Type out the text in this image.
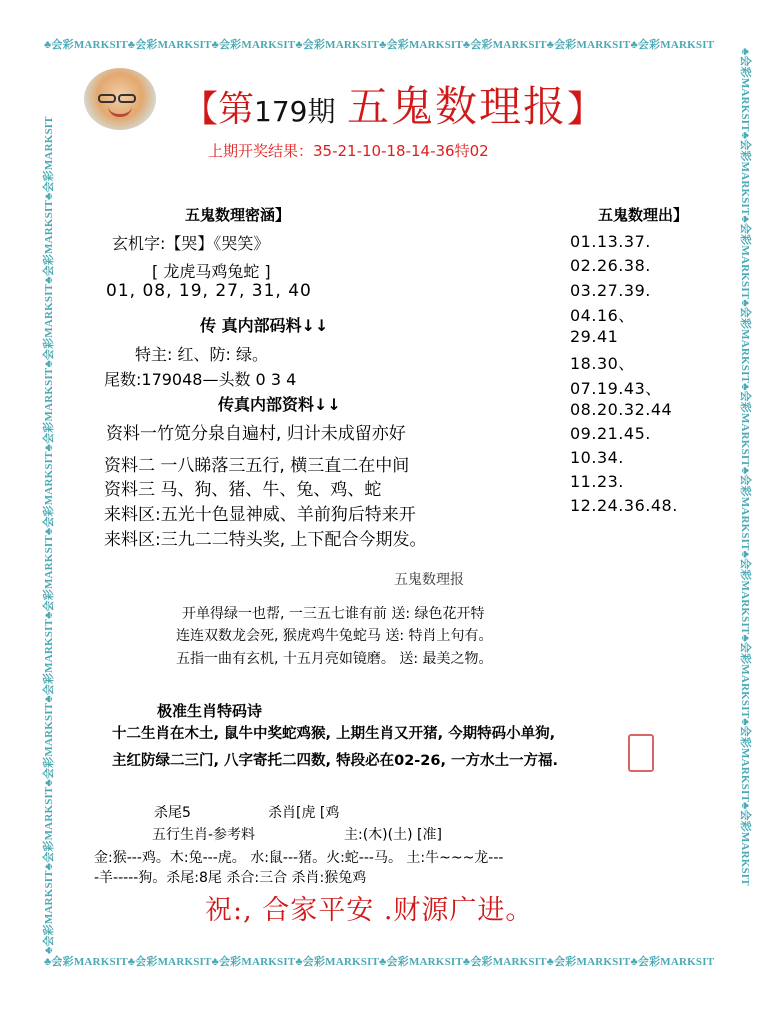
♣会彩MARKSIT♣会彩MARKSIT♣会彩MARKSIT♣会彩MARKSIT♣会彩MARKSIT♣会彩MARKSIT♣会彩MARKSIT♣会彩MARKSIT
♣会彩MARKSIT♣会彩MARKSIT♣会彩MARKSIT♣会彩MARKSIT♣会彩MARKSIT♣会彩MARKSIT♣会彩MARKSIT♣会彩MARKSIT
♣会彩MARKSIT♣会彩MARKSIT♣会彩MARKSIT♣会彩MARKSIT♣会彩MARKSIT♣会彩MARKSIT♣会彩MARKSIT♣会彩MARKSIT♣会彩MARKSIT♣会彩MARKSIT	♣会彩MARKSIT♣会彩MARKSIT♣会彩MARKSIT♣会彩MARKSIT♣会彩MARKSIT♣会彩MARKSIT♣会彩MARKSIT♣会彩MARKSIT♣会彩MARKSIT♣会彩MARKSIT
【第179期 五鬼数理报】
上期开奖结果：35-21-10-18-14-36特02
五鬼数理密涵】
玄机字:【哭】《哭笑》
[ 龙虎马鸡兔蛇 ]
01, 08, 19, 27, 31, 40
传 真内部码料↓↓
特主: 红、防: 绿。
尾数:179048—头数 0 3 4
传真内部资料↓↓
资料一竹笕分泉自遍村, 归计未成留亦好
资料二 一八睇落三五行, 横三直二在中间
资料三 马、狗、猪、牛、兔、鸡、蛇
来料区:五光十色显神威、羊前狗后特来开
来料区:三九二二特头奖, 上下配合今期发。
五鬼数理出】
01.13.37.
02.26.38.
03.27.39.
04.16、
29.41
18.30、
07.19.43、
08.20.32.44
09.21.45.
10.34.
11.23.
12.24.36.48.
五鬼数理报
开单得绿一也帮, 一三五七谁有前 送: 绿色花开特
连连双数龙会死, 猴虎鸡牛兔蛇马 送: 特肖上句有。
五指一曲有玄机, 十五月亮如镜磨。 送: 最美之物。
极准生肖特码诗
十二生肖在木土, 鼠牛中奖蛇鸡猴, 上期生肖又开猪, 今期特码小单狗,
主红防绿二三门, 八字寄托二四数, 特段必在02-26, 一方水土一方福.
杀尾5	杀肖[虎 [鸡
五行生肖-参考料	主:(木)(土) [准]
金:猴---鸡。木:兔---虎。 水:鼠---猪。火:蛇---马。 土:牛~~~龙---
-羊-----狗。杀尾:8尾 杀合:三合 杀肖:猴兔鸡
祝:, 合家平安 .财源广进。
